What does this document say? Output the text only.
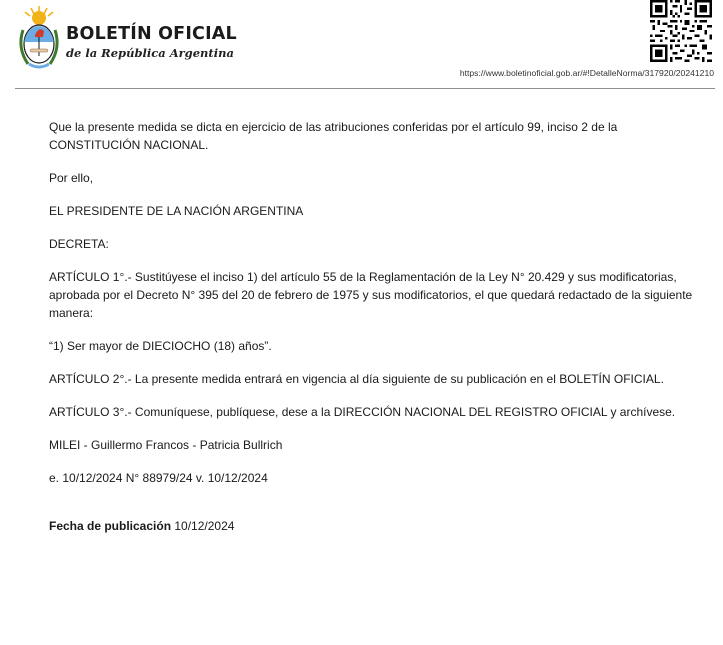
BOLETÍN OFICIAL
de la República Argentina
https://www.boletinoficial.gob.ar/#!DetalleNorma/317920/20241210

Que la presente medida se dicta en ejercicio de las atribuciones conferidas por el artículo 99, inciso 2 de la CONSTITUCIÓN NACIONAL.

Por ello,

EL PRESIDENTE DE LA NACIÓN ARGENTINA

DECRETA:

ARTÍCULO 1°.- Sustitúyese el inciso 1) del artículo 55 de la Reglamentación de la Ley N° 20.429 y sus modificatorias, aprobada por el Decreto N° 395 del 20 de febrero de 1975 y sus modificatorios, el que quedará redactado de la siguiente manera:

“1) Ser mayor de DIECIOCHO (18) años”.

ARTÍCULO 2°.- La presente medida entrará en vigencia al día siguiente de su publicación en el BOLETÍN OFICIAL.

ARTÍCULO 3°.- Comuníquese, publíquese, dese a la DIRECCIÓN NACIONAL DEL REGISTRO OFICIAL y archívese.

MILEI - Guillermo Francos - Patricia Bullrich

e. 10/12/2024 N° 88979/24 v. 10/12/2024

Fecha de publicación 10/12/2024
